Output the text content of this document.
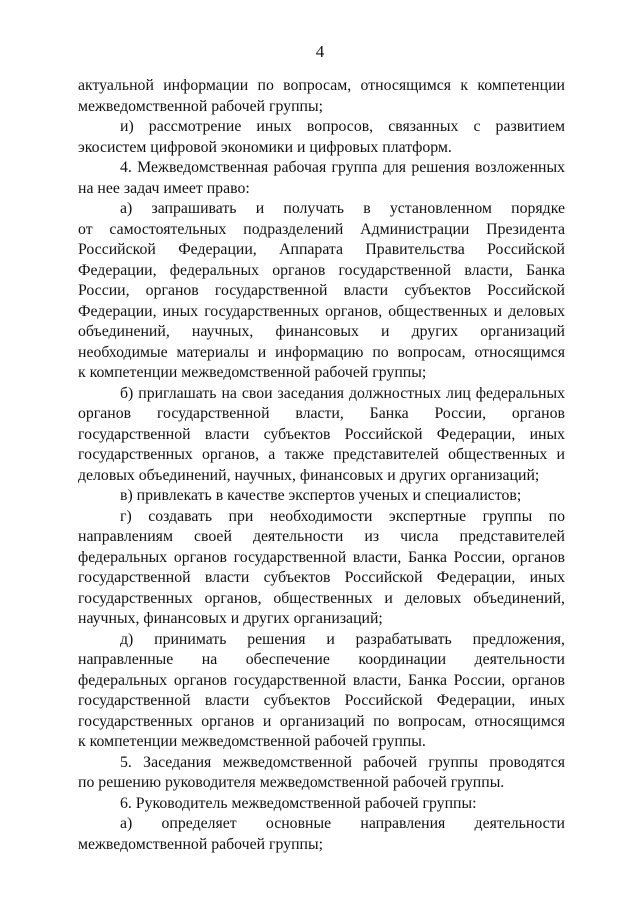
4
актуальной информации по вопросам, относящимся к компетенции
межведомственной рабочей группы;
и) рассмотрение иных вопросов, связанных с развитием
экосистем цифровой экономики и цифровых платформ.
4. Межведомственная рабочая группа для решения возложенных
на нее задач имеет право:
а) запрашивать и получать в установленном порядке
от самостоятельных подразделений Администрации Президента
Российской Федерации, Аппарата Правительства Российской
Федерации, федеральных органов государственной власти, Банка
России, органов государственной власти субъектов Российской
Федерации, иных государственных органов, общественных и деловых
объединений, научных, финансовых и других организаций
необходимые материалы и информацию по вопросам, относящимся
к компетенции межведомственной рабочей группы;
б) приглашать на свои заседания должностных лиц федеральных
органов государственной власти, Банка России, органов
государственной власти субъектов Российской Федерации, иных
государственных органов, а также представителей общественных и
деловых объединений, научных, финансовых и других организаций;
в) привлекать в качестве экспертов ученых и специалистов;
г) создавать при необходимости экспертные группы по
направлениям своей деятельности из числа представителей
федеральных органов государственной власти, Банка России, органов
государственной власти субъектов Российской Федерации, иных
государственных органов, общественных и деловых объединений,
научных, финансовых и других организаций;
д) принимать решения и разрабатывать предложения,
направленные на обеспечение координации деятельности
федеральных органов государственной власти, Банка России, органов
государственной власти субъектов Российской Федерации, иных
государственных органов и организаций по вопросам, относящимся
к компетенции межведомственной рабочей группы.
5. Заседания межведомственной рабочей группы проводятся
по решению руководителя межведомственной рабочей группы.
6. Руководитель межведомственной рабочей группы:
а) определяет основные направления деятельности
межведомственной рабочей группы;
